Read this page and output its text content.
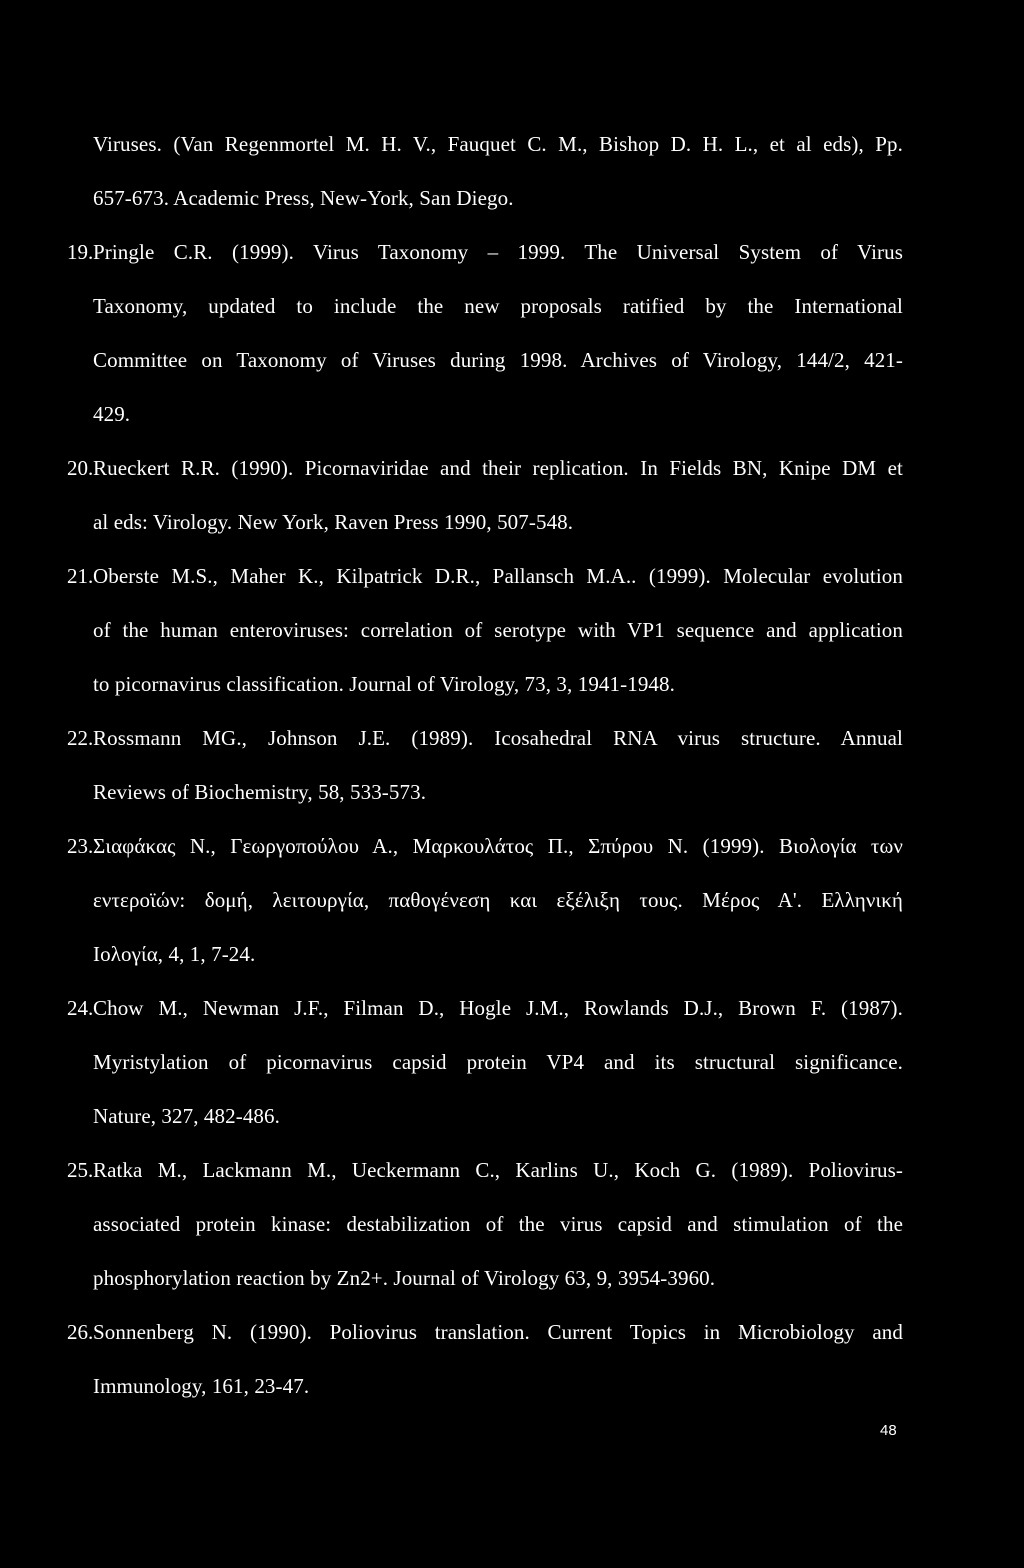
Viruses. (Van Regenmortel M. H. V., Fauquet C. M., Bishop D. H. L., et al eds), Pp.
657-673. Academic Press, New-York, San Diego.
19. Pringle C.R. (1999). Virus Taxonomy – 1999. The Universal System of Virus
Taxonomy, updated to include the new proposals ratified by the International
Committee on Taxonomy of Viruses during 1998. Archives of Virology, 144/2, 421-
429.
20. Rueckert R.R. (1990). Picornaviridae and their replication. In Fields BN, Knipe DM et
al eds: Virology. New York, Raven Press 1990, 507-548.
21. Oberste M.S., Maher K., Kilpatrick D.R., Pallansch M.A.. (1999). Molecular evolution
of the human enteroviruses: correlation of serotype with VP1 sequence and application
to picornavirus classification. Journal of Virology, 73, 3, 1941-1948.
22. Rossmann MG., Johnson J.E. (1989). Icosahedral RNA virus structure. Annual
Reviews of Biochemistry, 58, 533-573.
23. Σιαφάκας Ν., Γεωργοπούλου Α., Μαρκουλάτος Π., Σπύρου Ν. (1999). Βιολογία των
εντεροϊών: δομή, λειτουργία, παθογένεση και εξέλιξη τους. Μέρος Α'. Ελληνική
Ιολογία, 4, 1, 7-24.
24. Chow M., Newman J.F., Filman D., Hogle J.M., Rowlands D.J., Brown F. (1987).
Myristylation of picornavirus capsid protein VP4 and its structural significance.
Nature, 327, 482-486.
25. Ratka M., Lackmann M., Ueckermann C., Karlins U., Koch G. (1989). Poliovirus-
associated protein kinase: destabilization of the virus capsid and stimulation of the
phosphorylation reaction by Zn2+. Journal of Virology 63, 9, 3954-3960.
26. Sonnenberg N. (1990). Poliovirus translation. Current Topics in Microbiology and
Immunology, 161, 23-47.
48
